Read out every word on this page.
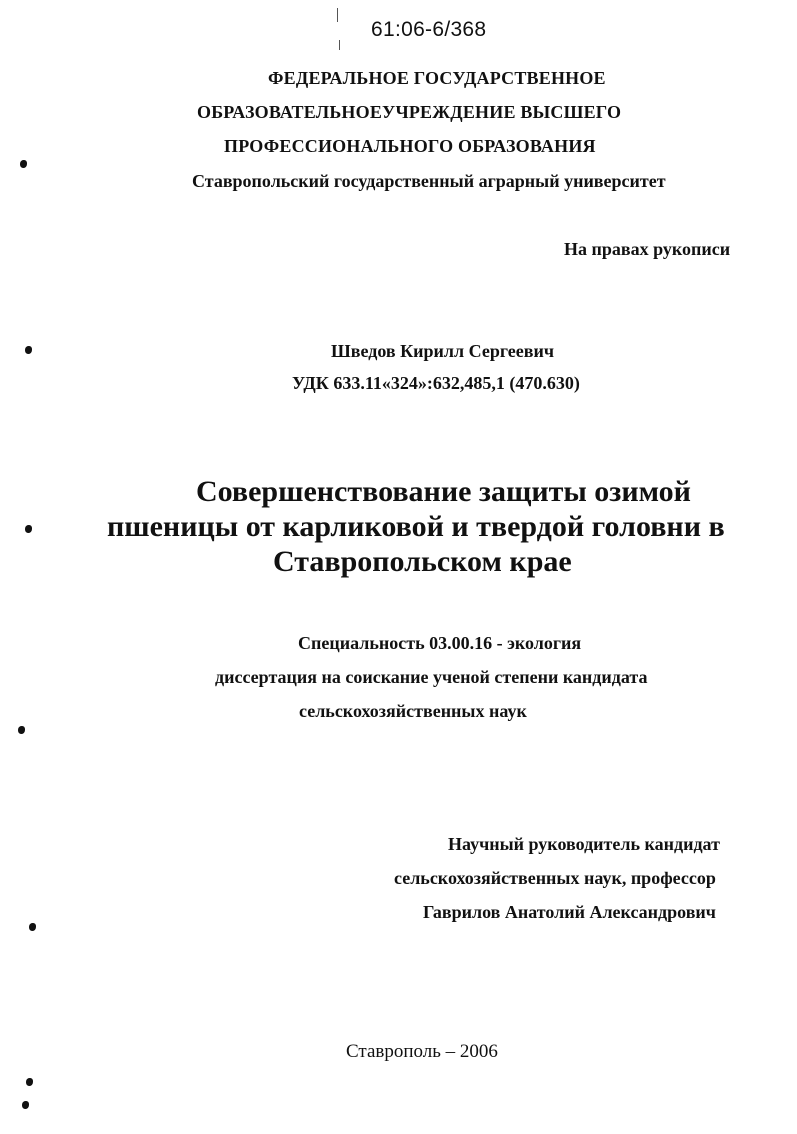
61:06-6/368
ФЕДЕРАЛЬНОЕ ГОСУДАРСТВЕННОЕ
ОБРАЗОВАТЕЛЬНОЕУЧРЕЖДЕНИЕ ВЫСШЕГО
ПРОФЕССИОНАЛЬНОГО ОБРАЗОВАНИЯ
Ставропольский государственный аграрный университет
На правах рукописи
Шведов Кирилл Сергеевич
УДК 633.11«324»:632,485,1 (470.630)
Совершенствование защиты озимой
пшеницы от карликовой и твердой головни в
Ставропольском крае
Специальность 03.00.16 - экология
диссертация на соискание ученой степени кандидата
сельскохозяйственных наук
Научный руководитель кандидат
сельскохозяйственных наук, профессор
Гаврилов Анатолий Александрович
Ставрополь – 2006
